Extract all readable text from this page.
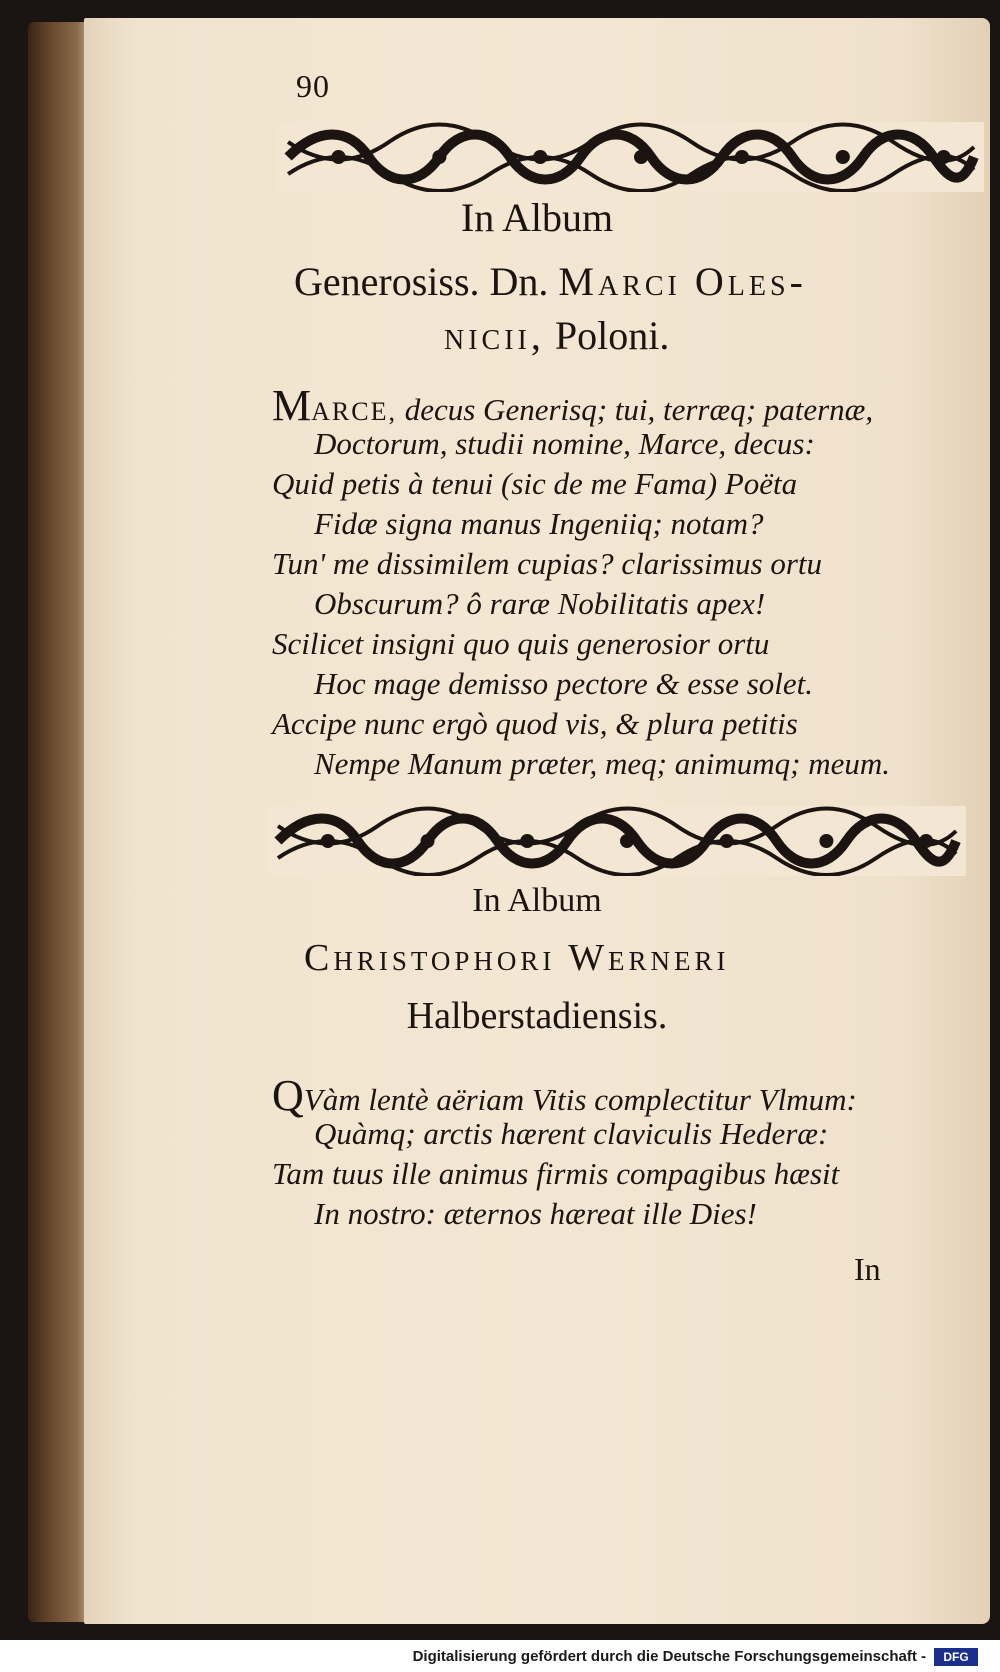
90
In Album
Generosiss. Dn. Marci Oles-
nicii, Poloni.
MARCE, decus Generisq; tui, terræq; paternæ,
Doctorum, studii nomine, Marce, decus:
Quid petis à tenui (sic de me Fama) Poëta
Fidæ signa manus Ingeniiq; notam?
Tun' me dissimilem cupias? clarissimus ortu
Obscurum? ô raræ Nobilitatis apex!
Scilicet insigni quo quis generosior ortu
Hoc mage demisso pectore & esse solet.
Accipe nunc ergò quod vis, & plura petitis
Nempe Manum præter, meq; animumq; meum.
In Album
Christophori Werneri
Halberstadiensis.
QVàm lentè aëriam Vitis complectitur Vlmum:
Quàmq; arctis hærent claviculis Hederæ:
Tam tuus ille animus firmis compagibus hæsit
In nostro: æternos hæreat ille Dies!
In
Digitalisierung gefördert durch die Deutsche Forschungsgemeinschaft -	DFG
